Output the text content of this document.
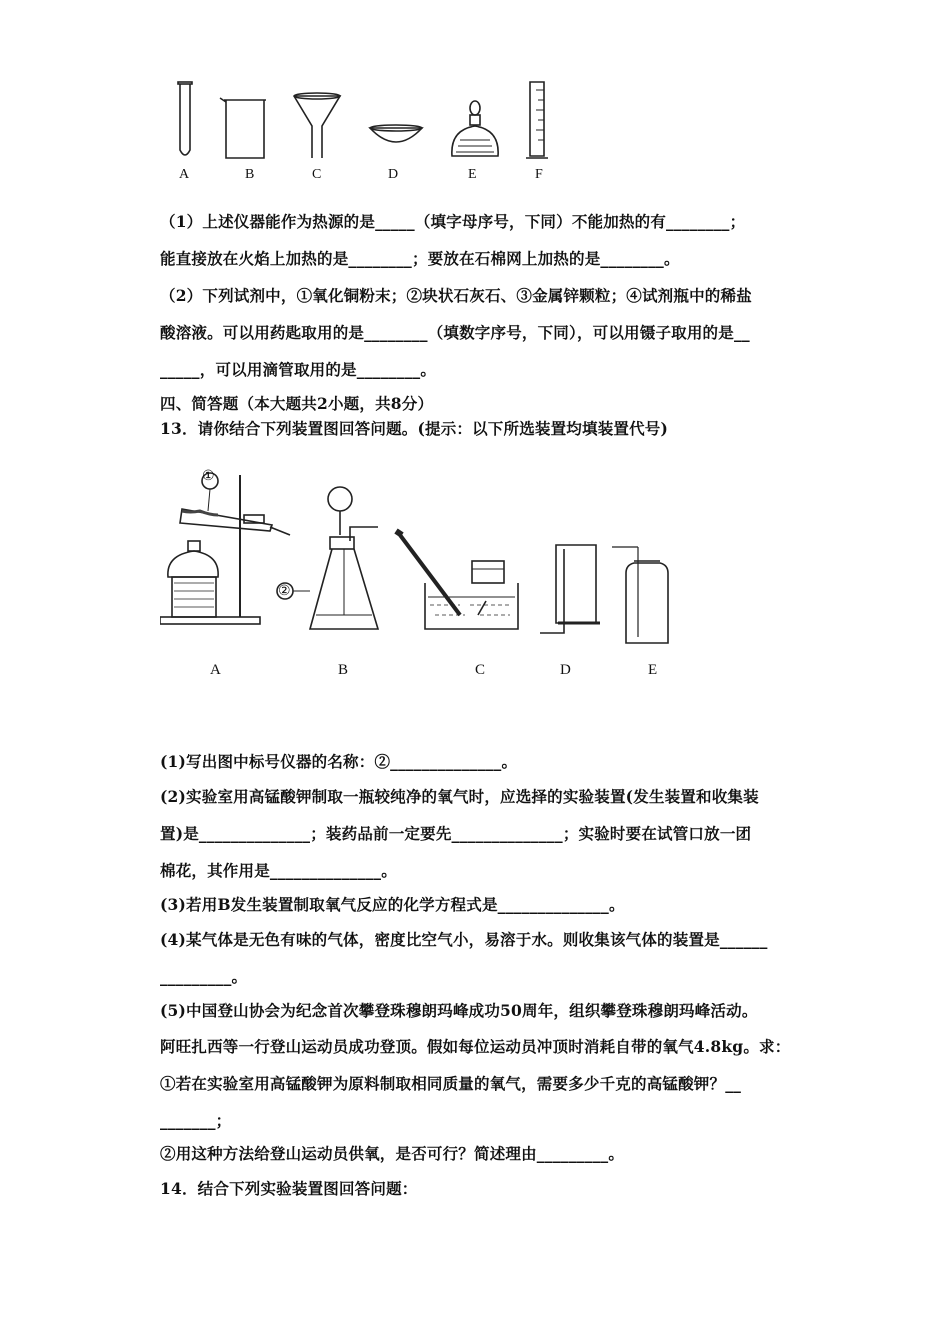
A	B	C	D	E	F
（1）上述仪器能作为热源的是_____（填字母序号，下同）不能加热的有________；
能直接放在火焰上加热的是________；要放在石棉网上加热的是________。
（2）下列试剂中，①氧化铜粉末；②块状石灰石、③金属锌颗粒；④试剂瓶中的稀盐
酸溶液。可以用药匙取用的是________（填数字序号，下同），可以用镊子取用的是__
_____，可以用滴管取用的是________。
四、简答题（本大题共2小题，共8分）
13．请你结合下列装置图回答问题。(提示：以下所选装置均填装置代号)
①
②
A	B	C	D	E
(1)写出图中标号仪器的名称：②______________。
(2)实验室用高锰酸钾制取一瓶较纯净的氧气时，应选择的实验装置(发生装置和收集装
置)是______________；装药品前一定要先______________；实验时要在试管口放一团
棉花，其作用是______________。
(3)若用B发生装置制取氧气反应的化学方程式是______________。
(4)某气体是无色有味的气体，密度比空气小，易溶于水。则收集该气体的装置是______
_________。
(5)中国登山协会为纪念首次攀登珠穆朗玛峰成功50周年，组织攀登珠穆朗玛峰活动。
阿旺扎西等一行登山运动员成功登顶。假如每位运动员冲顶时消耗自带的氧气4.8kg。求：
①若在实验室用高锰酸钾为原料制取相同质量的氧气，需要多少千克的高锰酸钾？__
_______；
②用这种方法给登山运动员供氧，是否可行？简述理由_________。
14．结合下列实验装置图回答问题：
